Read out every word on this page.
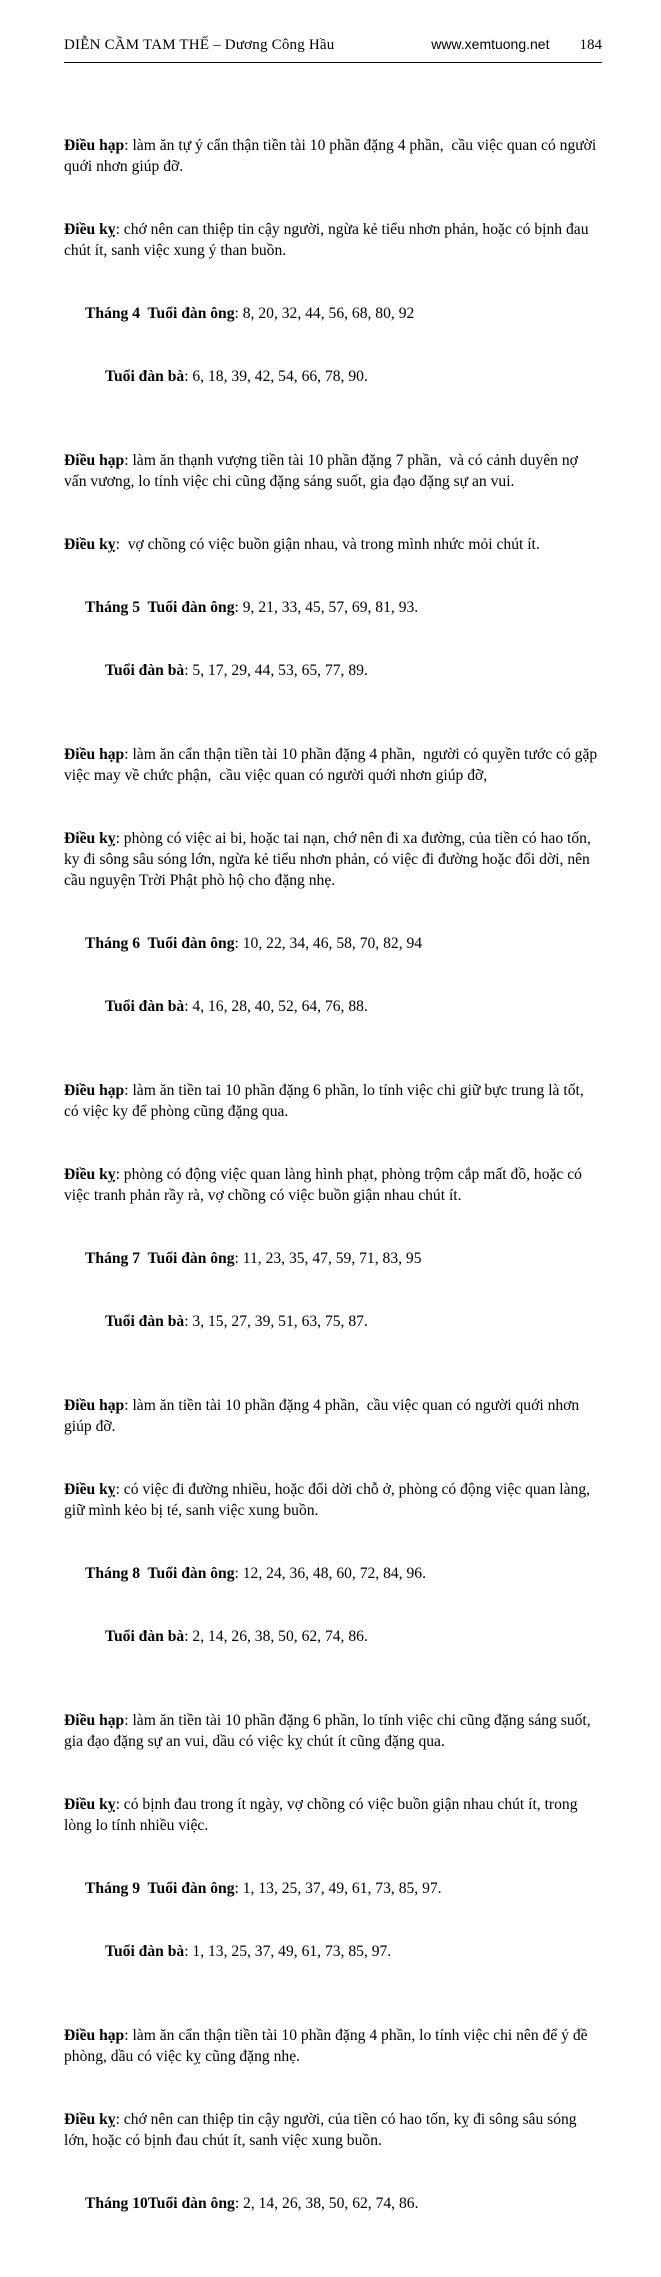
DIỄN CẦM TAM THẾ – Dương Công Hầu	www.xemtuong.net 184

Điều hạp: làm ăn tự ý cẩn thận tiền tài 10 phần đặng 4 phần,  cầu việc quan có người quới nhơn giúp đỡ.

Điều kỵ: chớ nên can thiệp tin cậy người, ngừa kẻ tiểu nhơn phản, hoặc có bịnh đau chút ít, sanh việc xung ý than buồn.

Tháng 4  Tuổi đàn ông: 8, 20, 32, 44, 56, 68, 80, 92

Tuổi đàn bà: 6, 18, 39, 42, 54, 66, 78, 90.

Điều hạp: làm ăn thạnh vượng tiền tài 10 phần đặng 7 phần,  và có cảnh duyên nợ vấn vương, lo tính việc chi cũng đặng sáng suốt, gia đạo đặng sự an vui.

Điều kỵ:  vợ chồng có việc buồn giận nhau, và trong mình nhức mỏi chút ít.

Tháng 5  Tuổi đàn ông: 9, 21, 33, 45, 57, 69, 81, 93.

Tuổi đàn bà: 5, 17, 29, 44, 53, 65, 77, 89.

Điều hạp: làm ăn cẩn thận tiền tài 10 phần đặng 4 phần,  người có quyền tước có gặp việc may về chức phận,  cầu việc quan có người quới nhơn giúp đỡ,

Điều kỵ: phòng có việc ai bi, hoặc tai nạn, chớ nên đi xa đường, của tiền có hao tốn, ky đi sông sâu sóng lớn, ngừa kẻ tiểu nhơn phản, có việc đi đường hoặc đổi dời, nên cầu nguyện Trời Phật phò hộ cho đặng nhẹ.

Tháng 6  Tuổi đàn ông: 10, 22, 34, 46, 58, 70, 82, 94

Tuổi đàn bà: 4, 16, 28, 40, 52, 64, 76, 88.

Điều hạp: làm ăn tiền tai 10 phần đặng 6 phần, lo tính việc chi giữ bực trung là tốt, có việc ky để phòng cũng đặng qua.

Điều kỵ: phòng có động việc quan làng hình phạt, phòng trộm cắp mất đồ, hoặc có việc tranh phản rầy rà, vợ chồng có việc buồn giận nhau chút ít.

Tháng 7  Tuổi đàn ông: 11, 23, 35, 47, 59, 71, 83, 95

Tuổi đàn bà: 3, 15, 27, 39, 51, 63, 75, 87.

Điều hạp: làm ăn tiền tài 10 phần đặng 4 phần,  cầu việc quan có người quới nhơn giúp đỡ.

Điều kỵ: có việc đi đường nhiều, hoặc đổi dời chỗ ở, phòng có động việc quan làng, giữ mình kẻo bị té, sanh việc xung buồn.

Tháng 8  Tuổi đàn ông: 12, 24, 36, 48, 60, 72, 84, 96.

Tuổi đàn bà: 2, 14, 26, 38, 50, 62, 74, 86.

Điều hạp: làm ăn tiền tài 10 phần đặng 6 phần, lo tính việc chi cũng đặng sáng suốt, gia đạo đặng sự an vui, dầu có việc kỵ chút ít cũng đặng qua.

Điều kỵ: có bịnh đau trong ít ngày, vợ chồng có việc buồn giận nhau chút ít, trong lòng lo tính nhiều việc.

Tháng 9  Tuổi đàn ông: 1, 13, 25, 37, 49, 61, 73, 85, 97.

Tuổi đàn bà: 1, 13, 25, 37, 49, 61, 73, 85, 97.

Điều hạp: làm ăn cẩn thận tiền tài 10 phần đặng 4 phần, lo tính việc chi nên để ý đề phòng, dầu có việc kỵ cũng đặng nhẹ.

Điều kỵ: chớ nên can thiệp tin cậy người, của tiền có hao tốn, kỵ đi sông sâu sóng lớn, hoặc có bịnh đau chút ít, sanh việc xung buồn.

Tháng 10Tuổi đàn ông: 2, 14, 26, 38, 50, 62, 74, 86.
